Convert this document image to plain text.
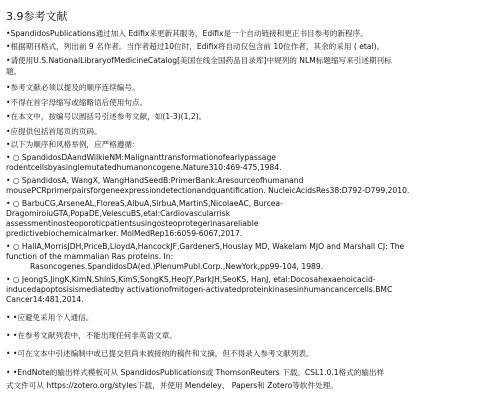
3.9参考文献
•SpandidosPublications通过加入 Edifix来更新其服务，Edifix是一个自动链接和更正书目参考的新程序。
•根据期刊格式，列出前 9 名作者。当作者超过10位时，Edifix将自动仅包含前 10位作者，其余的采用 ( etal)。
•请使用U.S.NationalLibraryofMedicineCatalog[美国在线全国药品目录库]中规列的 NLM标题缩写来引述期刊标
题。
•参考文献必须以提及的顺序连续编号。
•不得在首字母缩写或缩略语后使用句点。
•在本文中，按编号以圆括号引述参考文献，如(1-3)(1,2)。
•应提供包括首尾页的页码。
•以下为顺序和风格举例，应严格遵循：
• ○ SpandidosDAandWilkieNM:Malignanttransformationofearlypassage
rodentcellsbyasinglemutatedhumanoncogene.Nature310:469-475,1984.
• ○ SpandidosA, WangX, WangHandSeedB:PrimerBank:Aresourceofhumanand
mousePCRprimerpairsforgeneexpressiondetectionandquantification. NucleicAcidsRes38:D792-D799,2010.
• ○ BarbuCG,ArseneAL,FloreaS,AlbuA,SirbuA,MartinS,NicolaeAC, Burcea-
DragomiroiuGTA,PopaDE,VelescuBS,etal:Cardiovascularrisk
assessmentinosteoporoticpatientsusingosteoprotegerinasareliable
predictivebiochemicalmarker. MolMedRep16:6059-6067,2017.
• ○ HallA,MorrisJDH,PriceB,LloydA,HancockJF,GardenerS,Houslay MD, Wakelam MJO and Marshall CJ: The
function of the mammalian Ras proteins. In:
Rasoncogenes.SpandidosDA(ed.)PlenumPubl.Corp.,NewYork,pp99-104, 1989.
• ○ JeongS,JingK,KimN,ShinS,KimS,SongKS,HeoJY,ParkJH,SeoKS, HanJ, etal:Docosahexaenoicacid-
inducedapoptosisismediatedby activationofmitogen-activatedproteinkinasesinhumancancercells.BMC
Cancer14:481,2014.
• •应避免采用个人通信。
• •在参考文献列表中，不能出现任何非英语文章。
• •可在文本中引述编制中或已提交但尚未被接纳的稿件和文摘，但不得录入参考文献列表。
• •EndNote的输出样式模板可从 SpandidosPublications或 ThomsonReuters 下载。CSL1.0.1格式的输出样
式文件可从 https://zotero.org/styles下载，并使用 Mendeley、 Papers和 Zotero等软件处理。
